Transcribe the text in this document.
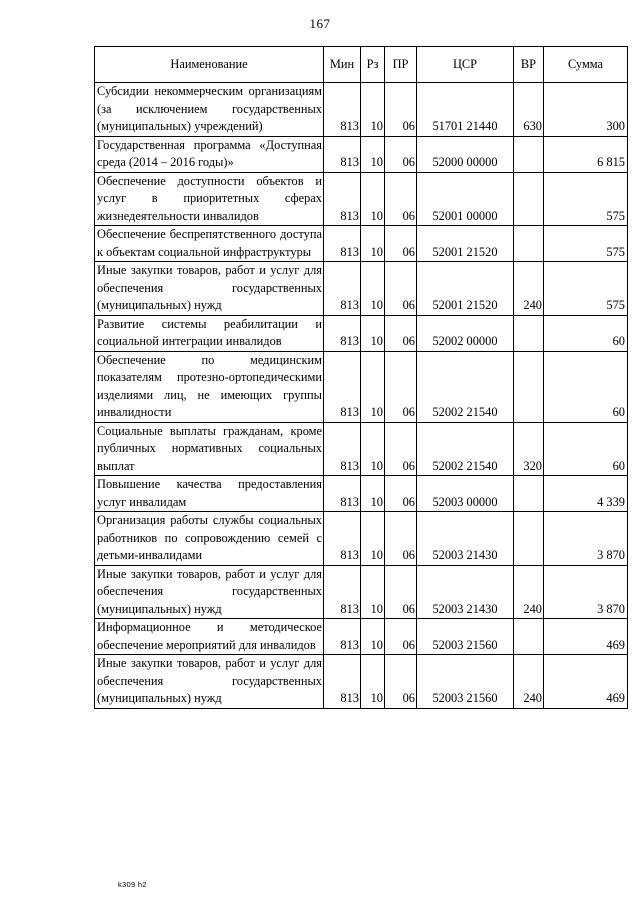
167
Наименование	Мин	Рз	ПР	ЦСР	ВР	Сумма
Субсидии некоммерческим организациям (за исключением государственных (муниципальных) учреждений)	813	10	06	51701 21440	630	300
Государственная программа «Доступная среда (2014 – 2016 годы)»	813	10	06	52000 00000		6 815
Обеспечение доступности объектов и услуг в приоритетных сферах жизнедеятельности инвалидов	813	10	06	52001 00000		575
Обеспечение беспрепятственного доступа к объектам социальной инфраструктуры	813	10	06	52001 21520		575
Иные закупки товаров, работ и услуг для обеспечения государственных (муниципальных) нужд	813	10	06	52001 21520	240	575
Развитие системы реабилитации и социальной интеграции инвалидов	813	10	06	52002 00000		60
Обеспечение по медицинским показателям протезно-ортопедическими изделиями лиц, не имеющих группы инвалидности	813	10	06	52002 21540		60
Социальные выплаты гражданам, кроме публичных нормативных социальных выплат	813	10	06	52002 21540	320	60
Повышение качества предоставления услуг инвалидам	813	10	06	52003 00000		4 339
Организация работы службы социальных работников по сопровождению семей с детьми-инвалидами	813	10	06	52003 21430		3 870
Иные закупки товаров, работ и услуг для обеспечения государственных (муниципальных) нужд	813	10	06	52003 21430	240	3 870
Информационное и методическое обеспечение мероприятий для инвалидов	813	10	06	52003 21560		469
Иные закупки товаров, работ и услуг для обеспечения государственных (муниципальных) нужд	813	10	06	52003 21560	240	469
k309 h2
